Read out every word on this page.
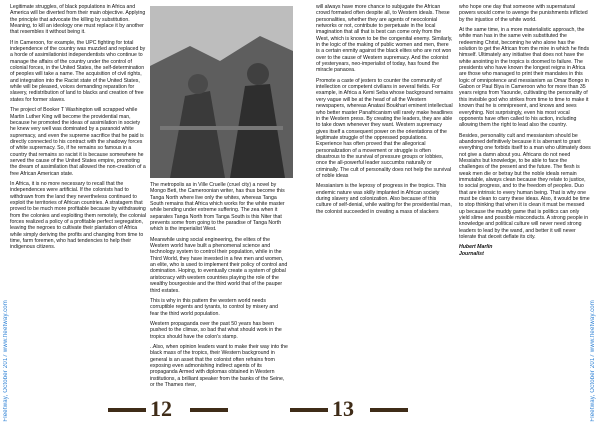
Fleetway, October 2017 www.fleetway.com	Fleetway, October 2017 www.fleetway.com

Legitimate struggles, of black populations in Africa and America will be diverted from their main objective. Applying the principle that advocate the killing by substitution. Meaning, to kill an ideology one must replace it by another that resembles it without being it.

If in Cameroon, for example, the UPC fighting for total independence of the country was muzzled and replaced by a horde of assimilationist independentists who continue to manage the affairs of the country under the control of colonial forces, in the United States, the self-determination of peoples will take a name. The acquisition of civil rights, and integration into the Racist state of the United States, while will be pleased, voices demanding reparation for slavery, redistribution of land to blacks and creation of free states for former slaves.

The project of Booker T Washington will scrapped while Martin Luther King will become the providential man, because he promoted the ideas of assimilation in society he knew very well was dominated by a paranoid white supremacy, and even the supreme sacrifice that he paid is directly connected to his contract with the shadowy forces of white supremacy. So, if he remains so famous in a country that remains so racist it is because somewhere he served the cause of the United States empire, promoting the dream of assimilation that allowed the non-creation of a free African American state.

In Africa, it is no more necessary to recall that the independences were artificial. If the colonists had to withdrawn from the land they nevertheless continued to exploit the territories of African countries. A stratagem that proved to be much more profitable because by withdrawing from the colonies and exploiting them remotely, the colonial forces realized a policy of a profitable perfect segregation, leaving the negroes to cultivate their plantation of Africa while simply deriving the profits and changing from time to time, farm foremen, who had tendencies to help their indigenous citizens.

The metropolis as in Ville Cruelle (cruel city) a novel by Mongo Beti, the Cameroonian writer, has thus become this Tanga North where live only the whites, whereas Tanga South remains that Africa which works for the white master while bending under extreme suffering. The zea when it separates Tanga North from Tanga South is this Niter that prevents some from going to the paradise of Tanga North which is the imperialist West.

Meanwhile using social engineering, the elites of the Western world have built a phenomenal science and technology system to control their population, while in the Third World, they have invested in a few men and women, an elite, who is used to implement their policy of control and domination. Hoping, to eventually create a system of global aristocracy with western countries playing the role of the wealthy bourgeoisie and the third world that of the pauper third estates.

This is why in this pattern the western world needs corruptible regents and tyrants, to control by misery and fear the third world population.

Western propaganda over the past 50 years has been pushed to the climax, so bad that what should work in the tropics should have the colon's stamp.

..Also, when opinion leaders want to make their way into the black mass of the tropics, their Western background in general is an asset that the colonist often refrains from exposing even admonishing indirect agents of its propaganda Armed with diplomas obtained in Western institutions, a brilliant speaker from the banks of the Seine, or the Thames river,

will always have more chance to subjugate the African crowd formated often despite all, to Western ideals. These personalities, whether they are agents of neocolonial networks or not, contribute to perpetuate in the local imagination that all that is best can come only from the West, which is known to be the congenital enemy. Similarly, in the logic of the making of public women and men, there is a certain enmity against the black elites who are not won over to the cause of Western supremacy. And the colonist of yesteryears, neo-imperialist of today, has found the miracle panacea.

Promote a caste of jesters to counter the community of intellection or competent civilians in several fields. For example, in Africa a Kemi Seba whose background remains very vague will be at the head of all the Western newspapers, whereas Anatasi Boukhari eminent intellectual who better master Panafricanism will rarely make headlines in the Western press. By creating the leaders, they are able to take down whenever they want. Western supremacy gives itself a consequent power on the orientations of the legitimate struggle of the oppressed populations. Experience has often proved that the allegorical personalization of a movement or struggle is often disastrous to the survival of pressure groups or lobbies, once the all-powerful leader succumbs naturally or criminally. The cult of personality does not help the survival of noble ideas

Messianism is the leprosy of progress in the tropics. This endemic nature was skilly implanted in African society during slavery and colonization. Also because of this culture of self-denial, while waiting for the providential man, the colonist succeeded in creating a mass of slackers

who hope one day that someone with supernatural powers would come to avenge the punishments inflicted by the injustice of the white world.

At the same time, in a more materialistic approach, the white man has in the same vein substituted the redeeming Christ, becoming he who alone has the solution to get the African from the mire in which he finds himself. Ultimately any initiative that does not have the white anointing in the tropics is doomed to failure. The presidents who have known the longest reigns in Africa are those who managed to print their mandates in this logic of omnipotence and messianism as Omar Bongo in Gabon or Paul Biya in Cameroon who for more than 35 years reigns from Yaounde, cultivating the personality of this invisible god who strikes from time to time to make it known that he is omnipresent, and knows and sees everything. Not surprisingly, even his most vocal opponents have often called to his action, including allowing them the right to lead also the country.

Besides, personality cult and messianism should be abandoned definitively because it is aberrant to grant everything one forbids itself to a man who ultimately does not give a damn about you. Africans do not need Messiahs but knowledge, to be able to face the challenges of the present and the future. The flesh is weak men die or betray but the noble ideals remain immutable, always clean because they relate to justice, to social progress, and to the freedom of peoples. Duo that are intrinsic to every human being. That is why one must be clean to carry these ideas. Also, it would be time to stop thinking that when it is clean it must be messed up because the muddy game that is politics can only yield slime and possible misconducts. A strong people in knowledge and political culture will never need strong leaders to lead by the wand, and better it will never tolerate that deceit deflate its city.

Hubert Marlin
Journalist
12	13
